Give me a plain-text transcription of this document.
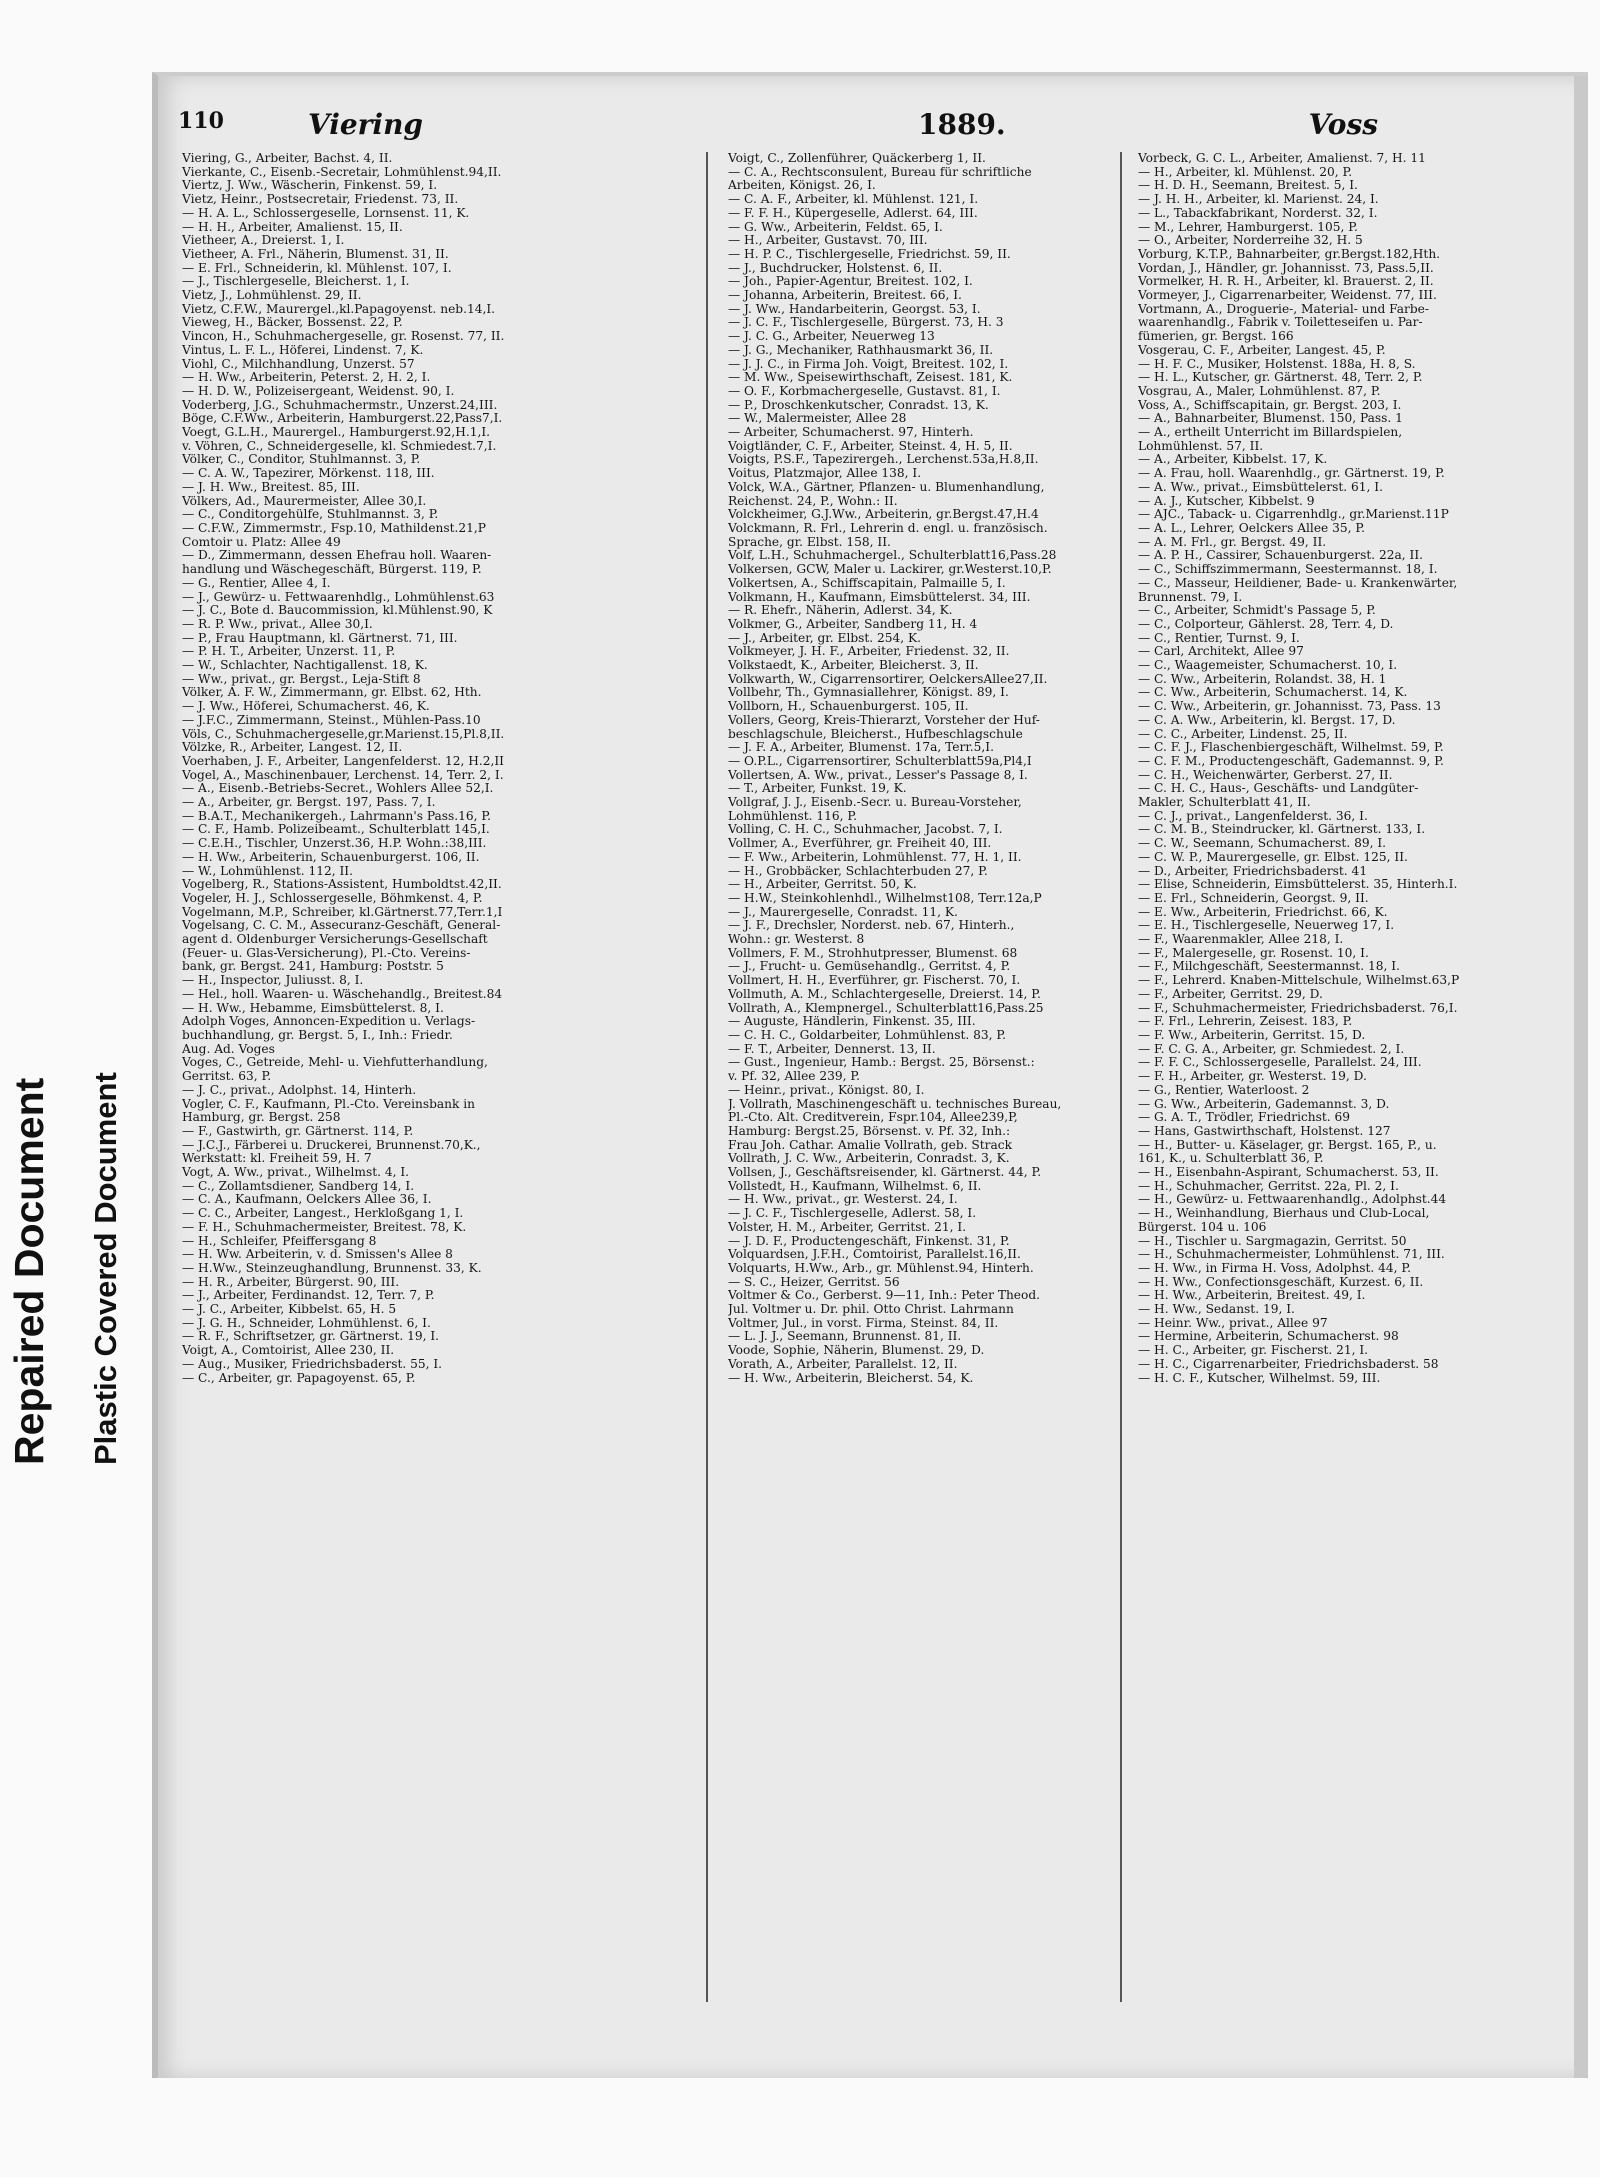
Repaired Document Plastic Covered Document
110	Viering	1889.	Voss
Viering, G., Arbeiter, Bachst. 4, II.
Vierkante, C., Eisenb.-Secretair, Lohmühlenst.94,II.
Viertz, J. Ww., Wäscherin, Finkenst. 59, I.
Vietz, Heinr., Postsecretair, Friedenst. 73, II.
— H. A. L., Schlossergeselle, Lornsenst. 11, K.
— H. H., Arbeiter, Amalienst. 15, II.
Vietheer, A., Dreierst. 1, I.
Vietheer, A. Frl., Näherin, Blumenst. 31, II.
— E. Frl., Schneiderin, kl. Mühlenst. 107, I.
— J., Tischlergeselle, Bleicherst. 1, I.
Vietz, J., Lohmühlenst. 29, II.
Vietz, C.F.W., Maurergel.,kl.Papagoyenst. neb.14,I.
Vieweg, H., Bäcker, Bossenst. 22, P.
Vincon, H., Schuhmachergeselle, gr. Rosenst. 77, II.
Vintus, L. F. L., Höferei, Lindenst. 7, K.
Viohl, C., Milchhandlung, Unzerst. 57
— H. Ww., Arbeiterin, Peterst. 2, H. 2, I.
— H. D. W., Polizeisergeant, Weidenst. 90, I.
Voderberg, J.G., Schuhmachermstr., Unzerst.24,III.
Böge, C.F.Ww., Arbeiterin, Hamburgerst.22,Pass7,I.
Voegt, G.L.H., Maurergel., Hamburgerst.92,H.1,I.
v. Vöhren, C., Schneidergeselle, kl. Schmiedest.7,I.
Völker, C., Conditor, Stuhlmannst. 3, P.
— C. A. W., Tapezirer, Mörkenst. 118, III.
— J. H. Ww., Breitest. 85, III.
Völkers, Ad., Maurermeister, Allee 30,I.
— C., Conditorgehülfe, Stuhlmannst. 3, P.
— C.F.W., Zimmermstr., Fsp.10, Mathildenst.21,P
Comtoir u. Platz: Allee 49
— D., Zimmermann, dessen Ehefrau holl. Waaren-
handlung und Wäschegeschäft, Bürgerst. 119, P.
— G., Rentier, Allee 4, I.
— J., Gewürz- u. Fettwaarenhdlg., Lohmühlenst.63
— J. C., Bote d. Baucommission, kl.Mühlenst.90, K
— R. P. Ww., privat., Allee 30,I.
— P., Frau Hauptmann, kl. Gärtnerst. 71, III.
— P. H. T., Arbeiter, Unzerst. 11, P.
— W., Schlachter, Nachtigallenst. 18, K.
— Ww., privat., gr. Bergst., Leja-Stift 8
Völker, A. F. W., Zimmermann, gr. Elbst. 62, Hth.
— J. Ww., Höferei, Schumacherst. 46, K.
— J.F.C., Zimmermann, Steinst., Mühlen-Pass.10
Völs, C., Schuhmachergeselle,gr.Marienst.15,Pl.8,II.
Völzke, R., Arbeiter, Langest. 12, II.
Voerhaben, J. F., Arbeiter, Langenfelderst. 12, H.2,II
Vogel, A., Maschinenbauer, Lerchenst. 14, Terr. 2, I.
— A., Eisenb.-Betriebs-Secret., Wohlers Allee 52,I.
— A., Arbeiter, gr. Bergst. 197, Pass. 7, I.
— B.A.T., Mechanikergeh., Lahrmann's Pass.16, P.
— C. F., Hamb. Polizeibeamt., Schulterblatt 145,I.
— C.E.H., Tischler, Unzerst.36, H.P. Wohn.:38,III.
— H. Ww., Arbeiterin, Schauenburgerst. 106, II.
— W., Lohmühlenst. 112, II.
Vogelberg, R., Stations-Assistent, Humboldtst.42,II.
Vogeler, H. J., Schlossergeselle, Böhmkenst. 4, P.
Vogelmann, M.P., Schreiber, kl.Gärtnerst.77,Terr.1,I
Vogelsang, C. C. M., Assecuranz-Geschäft, General-
agent d. Oldenburger Versicherungs-Gesellschaft
(Feuer- u. Glas-Versicherung), Pl.-Cto. Vereins-
bank, gr. Bergst. 241, Hamburg: Poststr. 5
— H., Inspector, Juliusst. 8, I.
— Hel., holl. Waaren- u. Wäschehandlg., Breitest.84
— H. Ww., Hebamme, Eimsbüttelerst. 8, I.
Adolph Voges, Annoncen-Expedition u. Verlags-
buchhandlung, gr. Bergst. 5, I., Inh.: Friedr.
Aug. Ad. Voges
Voges, C., Getreide, Mehl- u. Viehfutterhandlung,
Gerritst. 63, P.
— J. C., privat., Adolphst. 14, Hinterh.
Vogler, C. F., Kaufmann, Pl.-Cto. Vereinsbank in
Hamburg, gr. Bergst. 258
— F., Gastwirth, gr. Gärtnerst. 114, P.
— J.C.J., Färberei u. Druckerei, Brunnenst.70,K.,
Werkstatt: kl. Freiheit 59, H. 7
Vogt, A. Ww., privat., Wilhelmst. 4, I.
— C., Zollamtsdiener, Sandberg 14, I.
— C. A., Kaufmann, Oelckers Allee 36, I.
— C. C., Arbeiter, Langest., Herkloßgang 1, I.
— F. H., Schuhmachermeister, Breitest. 78, K.
— H., Schleifer, Pfeiffersgang 8
— H. Ww. Arbeiterin, v. d. Smissen's Allee 8
— H.Ww., Steinzeughandlung, Brunnenst. 33, K.
— H. R., Arbeiter, Bürgerst. 90, III.
— J., Arbeiter, Ferdinandst. 12, Terr. 7, P.
— J. C., Arbeiter, Kibbelst. 65, H. 5
— J. G. H., Schneider, Lohmühlenst. 6, I.
— R. F., Schriftsetzer, gr. Gärtnerst. 19, I.
Voigt, A., Comtoirist, Allee 230, II.
— Aug., Musiker, Friedrichsbaderst. 55, I.
— C., Arbeiter, gr. Papagoyenst. 65, P.
Voigt, C., Zollenführer, Quäckerberg 1, II.
— C. A., Rechtsconsulent, Bureau für schriftliche
Arbeiten, Königst. 26, I.
— C. A. F., Arbeiter, kl. Mühlenst. 121, I.
— F. F. H., Küpergeselle, Adlerst. 64, III.
— G. Ww., Arbeiterin, Feldst. 65, I.
— H., Arbeiter, Gustavst. 70, III.
— H. P. C., Tischlergeselle, Friedrichst. 59, II.
— J., Buchdrucker, Holstenst. 6, II.
— Joh., Papier-Agentur, Breitest. 102, I.
— Johanna, Arbeiterin, Breitest. 66, I.
— J. Ww., Handarbeiterin, Georgst. 53, I.
— J. C. F., Tischlergeselle, Bürgerst. 73, H. 3
— J. C. G., Arbeiter, Neuerweg 13
— J. G., Mechaniker, Rathhausmarkt 36, II.
— J. J. C., in Firma Joh. Voigt, Breitest. 102, I.
— M. Ww., Speisewirthschaft, Zeisest. 181, K.
— O. F., Korbmachergeselle, Gustavst. 81, I.
— P., Droschkenkutscher, Conradst. 13, K.
— W., Malermeister, Allee 28
— Arbeiter, Schumacherst. 97, Hinterh.
Voigtländer, C. F., Arbeiter, Steinst. 4, H. 5, II.
Voigts, P.S.F., Tapezirergeh., Lerchenst.53a,H.8,II.
Voitus, Platzmajor, Allee 138, I.
Volck, W.A., Gärtner, Pflanzen- u. Blumenhandlung,
Reichenst. 24, P., Wohn.: II.
Volckheimer, G.J.Ww., Arbeiterin, gr.Bergst.47,H.4
Volckmann, R. Frl., Lehrerin d. engl. u. französisch.
Sprache, gr. Elbst. 158, II.
Volf, L.H., Schuhmachergel., Schulterblatt16,Pass.28
Volkersen, GCW, Maler u. Lackirer, gr.Westerst.10,P.
Volkertsen, A., Schiffscapitain, Palmaille 5, I.
Volkmann, H., Kaufmann, Eimsbüttelerst. 34, III.
— R. Ehefr., Näherin, Adlerst. 34, K.
Volkmer, G., Arbeiter, Sandberg 11, H. 4
— J., Arbeiter, gr. Elbst. 254, K.
Volkmeyer, J. H. F., Arbeiter, Friedenst. 32, II.
Volkstaedt, K., Arbeiter, Bleicherst. 3, II.
Volkwarth, W., Cigarrensortirer, OelckersAllee27,II.
Vollbehr, Th., Gymnasiallehrer, Königst. 89, I.
Vollborn, H., Schauenburgerst. 105, II.
Vollers, Georg, Kreis-Thierarzt, Vorsteher der Huf-
beschlagschule, Bleicherst., Hufbeschlagschule
— J. F. A., Arbeiter, Blumenst. 17a, Terr.5,I.
— O.P.L., Cigarrensortirer, Schulterblatt59a,Pl4,I
Vollertsen, A. Ww., privat., Lesser's Passage 8, I.
— T., Arbeiter, Funkst. 19, K.
Vollgraf, J. J., Eisenb.-Secr. u. Bureau-Vorsteher,
Lohmühlenst. 116, P.
Volling, C. H. C., Schuhmacher, Jacobst. 7, I.
Vollmer, A., Everführer, gr. Freiheit 40, III.
— F. Ww., Arbeiterin, Lohmühlenst. 77, H. 1, II.
— H., Grobbäcker, Schlachterbuden 27, P.
— H., Arbeiter, Gerritst. 50, K.
— H.W., Steinkohlenhdl., Wilhelmst108, Terr.12a,P
— J., Maurergeselle, Conradst. 11, K.
— J. F., Drechsler, Norderst. neb. 67, Hinterh.,
Wohn.: gr. Westerst. 8
Vollmers, F. M., Strohhutpresser, Blumenst. 68
— J., Frucht- u. Gemüsehandlg., Gerritst. 4, P.
Vollmert, H. H., Everführer, gr. Fischerst. 70, I.
Vollmuth, A. M., Schlachtergeselle, Dreierst. 14, P.
Vollrath, A., Klempnergel., Schulterblatt16,Pass.25
— Auguste, Händlerin, Finkenst. 35, III.
— C. H. C., Goldarbeiter, Lohmühlenst. 83, P.
— F. T., Arbeiter, Dennerst. 13, II.
— Gust., Ingenieur, Hamb.: Bergst. 25, Börsenst.:
v. Pf. 32, Allee 239, P.
— Heinr., privat., Königst. 80, I.
J. Vollrath, Maschinengeschäft u. technisches Bureau,
Pl.-Cto. Alt. Creditverein, Fspr.104, Allee239,P,
Hamburg: Bergst.25, Börsenst. v. Pf. 32, Inh.:
Frau Joh. Cathar. Amalie Vollrath, geb. Strack
Vollrath, J. C. Ww., Arbeiterin, Conradst. 3, K.
Vollsen, J., Geschäftsreisender, kl. Gärtnerst. 44, P.
Vollstedt, H., Kaufmann, Wilhelmst. 6, II.
— H. Ww., privat., gr. Westerst. 24, I.
— J. C. F., Tischlergeselle, Adlerst. 58, I.
Volster, H. M., Arbeiter, Gerritst. 21, I.
— J. D. F., Productengeschäft, Finkenst. 31, P.
Volquardsen, J.F.H., Comtoirist, Parallelst.16,II.
Volquarts, H.Ww., Arb., gr. Mühlenst.94, Hinterh.
— S. C., Heizer, Gerritst. 56
Voltmer & Co., Gerberst. 9—11, Inh.: Peter Theod.
Jul. Voltmer u. Dr. phil. Otto Christ. Lahrmann
Voltmer, Jul., in vorst. Firma, Steinst. 84, II.
— L. J. J., Seemann, Brunnenst. 81, II.
Voode, Sophie, Näherin, Blumenst. 29, D.
Vorath, A., Arbeiter, Parallelst. 12, II.
— H. Ww., Arbeiterin, Bleicherst. 54, K.
Vorbeck, G. C. L., Arbeiter, Amalienst. 7, H. 11
— H., Arbeiter, kl. Mühlenst. 20, P.
— H. D. H., Seemann, Breitest. 5, I.
— J. H. H., Arbeiter, kl. Marienst. 24, I.
— L., Tabackfabrikant, Norderst. 32, I.
— M., Lehrer, Hamburgerst. 105, P.
— O., Arbeiter, Norderreihe 32, H. 5
Vorburg, K.T.P., Bahnarbeiter, gr.Bergst.182,Hth.
Vordan, J., Händler, gr. Johannisst. 73, Pass.5,II.
Vormelker, H. R. H., Arbeiter, kl. Brauerst. 2, II.
Vormeyer, J., Cigarrenarbeiter, Weidenst. 77, III.
Vortmann, A., Droguerie-, Material- und Farbe-
waarenhandlg., Fabrik v. Toiletteseifen u. Par-
fümerien, gr. Bergst. 166
Vosgerau, C. F., Arbeiter, Langest. 45, P.
— H. F. C., Musiker, Holstenst. 188a, H. 8, S.
— H. L., Kutscher, gr. Gärtnerst. 48, Terr. 2, P.
Vosgrau, A., Maler, Lohmühlenst. 87, P.
Voss, A., Schiffscapitain, gr. Bergst. 203, I.
— A., Bahnarbeiter, Blumenst. 150, Pass. 1
— A., ertheilt Unterricht im Billardspielen,
Lohmühlenst. 57, II.
— A., Arbeiter, Kibbelst. 17, K.
— A. Frau, holl. Waarenhdlg., gr. Gärtnerst. 19, P.
— A. Ww., privat., Eimsbüttelerst. 61, I.
— A. J., Kutscher, Kibbelst. 9
— AJC., Taback- u. Cigarrenhdlg., gr.Marienst.11P
— A. L., Lehrer, Oelckers Allee 35, P.
— A. M. Frl., gr. Bergst. 49, II.
— A. P. H., Cassirer, Schauenburgerst. 22a, II.
— C., Schiffszimmermann, Seestermannst. 18, I.
— C., Masseur, Heildiener, Bade- u. Krankenwärter,
Brunnenst. 79, I.
— C., Arbeiter, Schmidt's Passage 5, P.
— C., Colporteur, Gählerst. 28, Terr. 4, D.
— C., Rentier, Turnst. 9, I.
— Carl, Architekt, Allee 97
— C., Waagemeister, Schumacherst. 10, I.
— C. Ww., Arbeiterin, Rolandst. 38, H. 1
— C. Ww., Arbeiterin, Schumacherst. 14, K.
— C. Ww., Arbeiterin, gr. Johannisst. 73, Pass. 13
— C. A. Ww., Arbeiterin, kl. Bergst. 17, D.
— C. C., Arbeiter, Lindenst. 25, II.
— C. F. J., Flaschenbiergeschäft, Wilhelmst. 59, P.
— C. F. M., Productengeschäft, Gademannst. 9, P.
— C. H., Weichenwärter, Gerberst. 27, II.
— C. H. C., Haus-, Geschäfts- und Landgüter-
Makler, Schulterblatt 41, II.
— C. J., privat., Langenfelderst. 36, I.
— C. M. B., Steindrucker, kl. Gärtnerst. 133, I.
— C. W., Seemann, Schumacherst. 89, I.
— C. W. P., Maurergeselle, gr. Elbst. 125, II.
— D., Arbeiter, Friedrichsbaderst. 41
— Elise, Schneiderin, Eimsbüttelerst. 35, Hinterh.I.
— E. Frl., Schneiderin, Georgst. 9, II.
— E. Ww., Arbeiterin, Friedrichst. 66, K.
— E. H., Tischlergeselle, Neuerweg 17, I.
— F., Waarenmakler, Allee 218, I.
— F., Malergeselle, gr. Rosenst. 10, I.
— F., Milchgeschäft, Seestermannst. 18, I.
— F., Lehrerd. Knaben-Mittelschule, Wilhelmst.63,P
— F., Arbeiter, Gerritst. 29, D.
— F., Schuhmachermeister, Friedrichsbaderst. 76,I.
— F. Frl., Lehrerin, Zeisest. 183, P.
— F. Ww., Arbeiterin, Gerritst. 15, D.
— F. C. G. A., Arbeiter, gr. Schmiedest. 2, I.
— F. F. C., Schlossergeselle, Parallelst. 24, III.
— F. H., Arbeiter, gr. Westerst. 19, D.
— G., Rentier, Waterloost. 2
— G. Ww., Arbeiterin, Gademannst. 3, D.
— G. A. T., Trödler, Friedrichst. 69
— Hans, Gastwirthschaft, Holstenst. 127
— H., Butter- u. Käselager, gr. Bergst. 165, P., u.
161, K., u. Schulterblatt 36, P.
— H., Eisenbahn-Aspirant, Schumacherst. 53, II.
— H., Schuhmacher, Gerritst. 22a, Pl. 2, I.
— H., Gewürz- u. Fettwaarenhandlg., Adolphst.44
— H., Weinhandlung, Bierhaus und Club-Local,
Bürgerst. 104 u. 106
— H., Tischler u. Sargmagazin, Gerritst. 50
— H., Schuhmachermeister, Lohmühlenst. 71, III.
— H. Ww., in Firma H. Voss, Adolphst. 44, P.
— H. Ww., Confectionsgeschäft, Kurzest. 6, II.
— H. Ww., Arbeiterin, Breitest. 49, I.
— H. Ww., Sedanst. 19, I.
— Heinr. Ww., privat., Allee 97
— Hermine, Arbeiterin, Schumacherst. 98
— H. C., Arbeiter, gr. Fischerst. 21, I.
— H. C., Cigarrenarbeiter, Friedrichsbaderst. 58
— H. C. F., Kutscher, Wilhelmst. 59, III.
